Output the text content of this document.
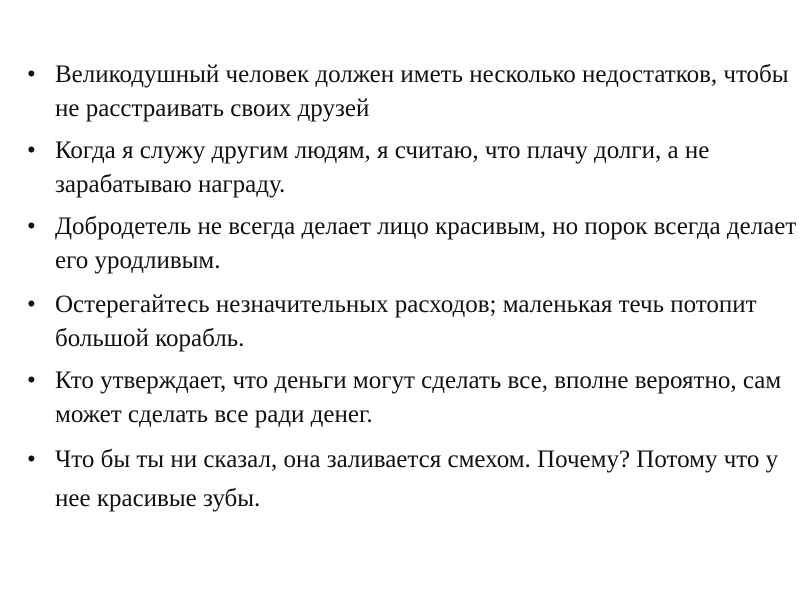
• Великодушный человек должен иметь несколько недостатков, чтобы не расстраивать своих друзей
• Когда я служу другим людям, я считаю, что плачу долги, а не зарабатываю награду.
• Добродетель не всегда делает лицо красивым, но порок всегда делает его уродливым.
• Остерегайтесь незначительных расходов; маленькая течь потопит большой корабль.
• Кто утверждает, что деньги могут сделать все, вполне вероятно, сам может сделать все ради денег.
• Что бы ты ни сказал, она заливается смехом. Почему? Потому что у нее красивые зубы.
